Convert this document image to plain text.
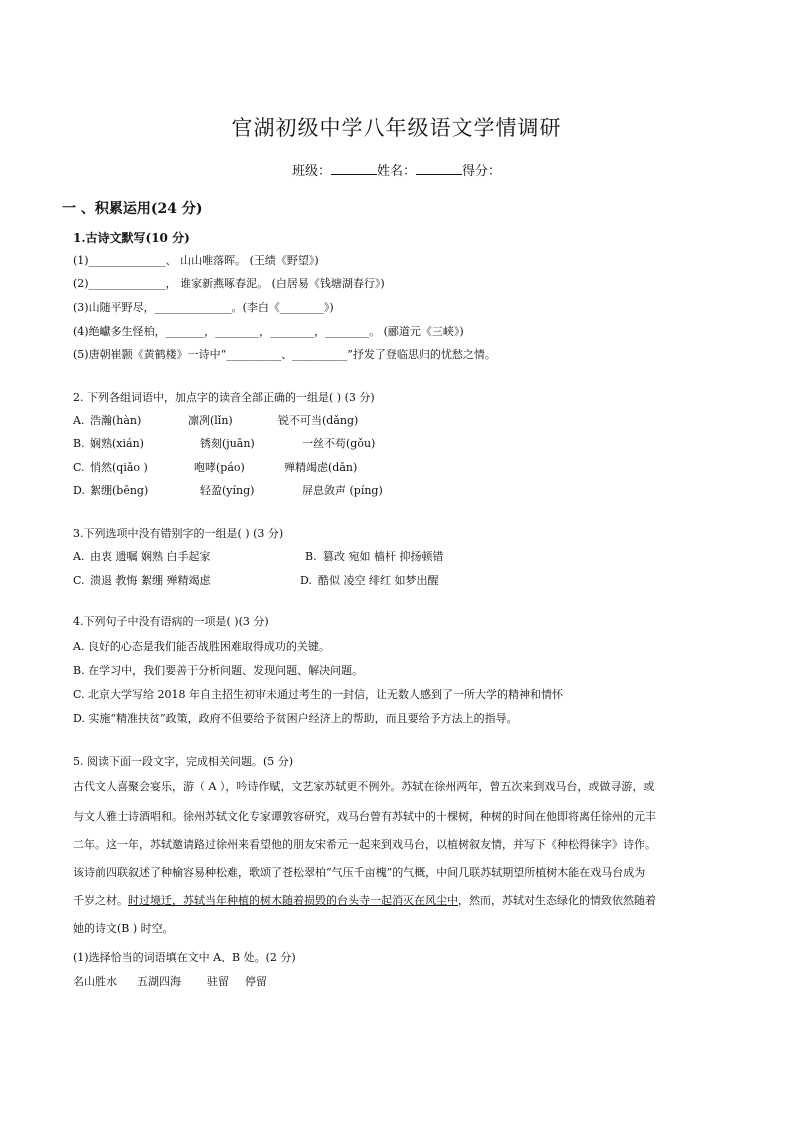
官湖初级中学八年级语文学情调研
班级：	姓名：	得分：
一 、积累运用(24 分)
1.古诗文默写(10 分)
(1)______________、 山山唯落晖。 (王绩《野望》)
(2)______________， 谁家新燕啄春泥。 (白居易《钱塘湖春行》)
(3)山随平野尽，______________。(李白《________》)
(4)绝巘多生怪柏，_______，________，________，________。 (郦道元《三峡》)
(5)唐朝崔颢《黄鹤楼》一诗中“__________、__________”抒发了登临思归的忧愁之情。
2. 下列各组词语中，加点字的读音全部正确的一组是( ) (3 分)
A. 浩瀚(hàn)	凛冽(lǐn)	锐不可当(dǎng)
B. 娴熟(xián)	锈刻(juān)	一丝不苟(gǒu)
C. 悄然(qiǎo )	咆哮(páo)	殚精竭虑(dān)
D. 絮绷(bēng)	轻盈(yíng)	屏息敛声 (píng)
3.下列选项中没有错别字的一组是( ) (3 分)
A. 由衷 遗嘱 娴熟 白手起家	B. 篡改 宛如 樯杆 抑扬顿错
C. 溃退 教悔 絮绷 殚精竭虑	D. 酷似 凌空 绯红 如梦出醒
4.下列句子中没有语病的一项是( )(3 分)
A. 良好的心态是我们能否战胜困难取得成功的关键。
B. 在学习中，我们要善于分析问题、发现问题、解决问题。
C. 北京大学写给 2018 年自主招生初审未通过考生的一封信，让无数人感到了一所大学的精神和情怀
D. 实施“精准扶贫”政策，政府不但要给予贫困户经济上的帮助，而且要给予方法上的指导。
5. 阅读下面一段文字，完成相关问题。(5 分)
古代文人喜聚会宴乐，游（ A ），吟诗作赋，文艺家苏轼更不例外。苏轼在徐州两年，曾五次来到戏马台，或做寻游，或
与文人雅士诗酒唱和。徐州苏轼文化专家谭敦容研究，戏马台曾有苏轼中的十棵树，种树的时间在他即将离任徐州的元丰
二年。这一年，苏轼邀请路过徐州来看望他的朋友宋希元一起来到戏马台，以植树叙友情，并写下《种松得徕字》诗作。
该诗前四联叙述了种榆容易种松难，歌颂了苍松翠柏“气压千亩槐”的气概，中间几联苏轼期望所植树木能在戏马台成为
千岁之材。时过境迁，苏轼当年种植的树木随着损毁的台头寺一起消灭在风尘中，然而，苏轼对生态绿化的情致依然随着
她的诗文(B ) 时空。
(1)选择恰当的词语填在文中 A、B 处。(2 分)
名山胜水 五湖四海 驻留 停留
